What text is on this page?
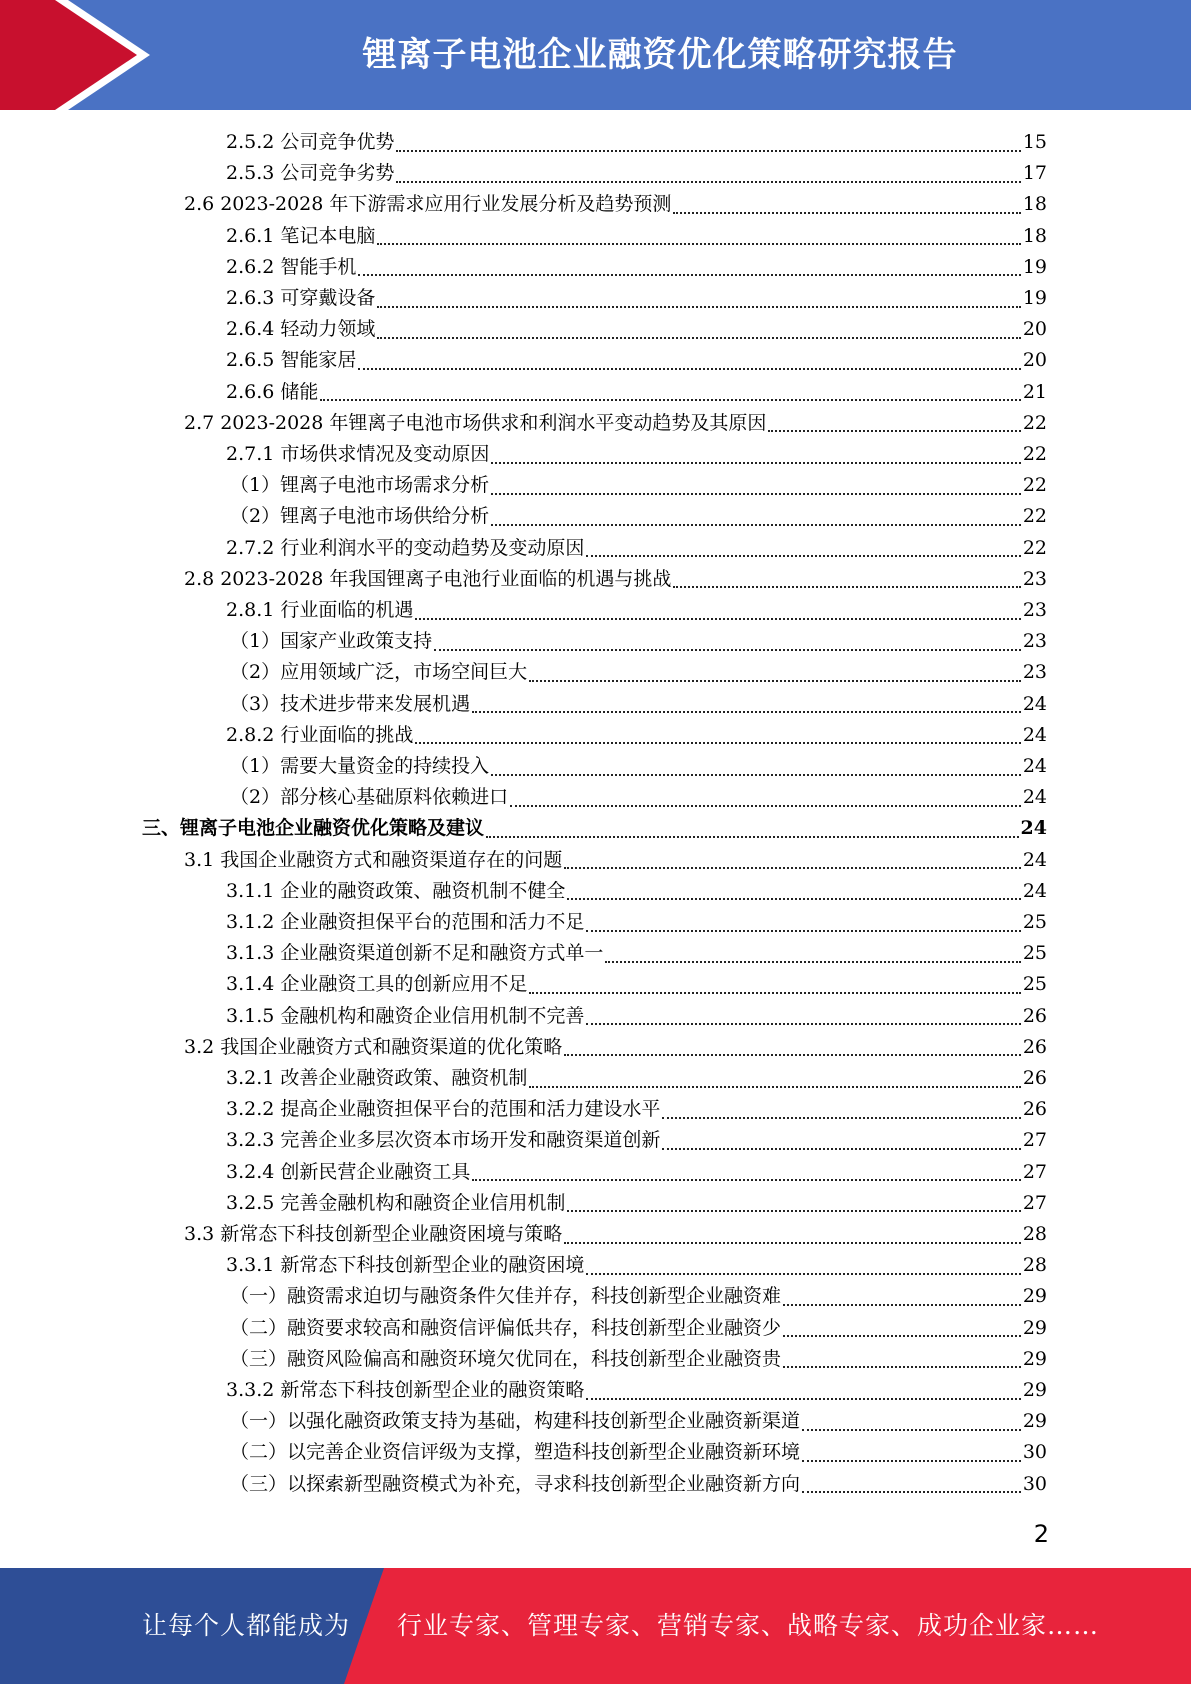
锂离子电池企业融资优化策略研究报告
2.5.2 公司竞争优势	15
2.5.3 公司竞争劣势	17
2.6 2023-2028 年下游需求应用行业发展分析及趋势预测	18
2.6.1 笔记本电脑	18
2.6.2 智能手机	19
2.6.3 可穿戴设备	19
2.6.4 轻动力领域	20
2.6.5 智能家居	20
2.6.6 储能	21
2.7 2023-2028 年锂离子电池市场供求和利润水平变动趋势及其原因	22
2.7.1 市场供求情况及变动原因	22
（1）锂离子电池市场需求分析	22
（2）锂离子电池市场供给分析	22
2.7.2 行业利润水平的变动趋势及变动原因	22
2.8 2023-2028 年我国锂离子电池行业面临的机遇与挑战	23
2.8.1 行业面临的机遇	23
（1）国家产业政策支持	23
（2）应用领域广泛，市场空间巨大	23
（3）技术进步带来发展机遇	24
2.8.2 行业面临的挑战	24
（1）需要大量资金的持续投入	24
（2）部分核心基础原料依赖进口	24
三、锂离子电池企业融资优化策略及建议	24
3.1 我国企业融资方式和融资渠道存在的问题	24
3.1.1 企业的融资政策、融资机制不健全	24
3.1.2 企业融资担保平台的范围和活力不足	25
3.1.3 企业融资渠道创新不足和融资方式单一	25
3.1.4 企业融资工具的创新应用不足	25
3.1.5 金融机构和融资企业信用机制不完善	26
3.2 我国企业融资方式和融资渠道的优化策略	26
3.2.1 改善企业融资政策、融资机制	26
3.2.2 提高企业融资担保平台的范围和活力建设水平	26
3.2.3 完善企业多层次资本市场开发和融资渠道创新	27
3.2.4 创新民营企业融资工具	27
3.2.5 完善金融机构和融资企业信用机制	27
3.3 新常态下科技创新型企业融资困境与策略	28
3.3.1 新常态下科技创新型企业的融资困境	28
（一）融资需求迫切与融资条件欠佳并存，科技创新型企业融资难	29
（二）融资要求较高和融资信评偏低共存，科技创新型企业融资少	29
（三）融资风险偏高和融资环境欠优同在，科技创新型企业融资贵	29
3.3.2 新常态下科技创新型企业的融资策略	29
（一）以强化融资政策支持为基础，构建科技创新型企业融资新渠道	29
（二）以完善企业资信评级为支撑，塑造科技创新型企业融资新环境	30
（三）以探索新型融资模式为补充，寻求科技创新型企业融资新方向	30
2
让每个人都能成为 行业专家、管理专家、营销专家、战略专家、成功企业家……
